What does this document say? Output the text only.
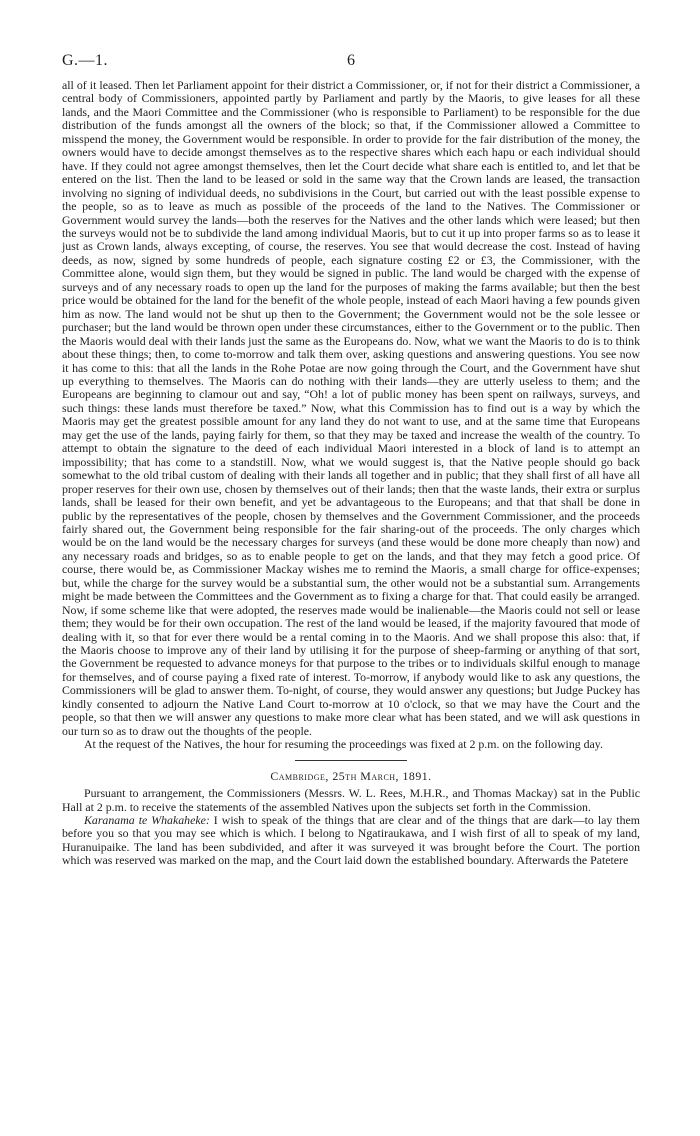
G.—1.	6

all of it leased. Then let Parliament appoint for their district a Commissioner, or, if not for their district a Commissioner, a central body of Commissioners, appointed partly by Parliament and partly by the Maoris, to give leases for all these lands, and the Maori Committee and the Commissioner (who is responsible to Parliament) to be responsible for the due distribution of the funds amongst all the owners of the block; so that, if the Commissioner allowed a Committee to misspend the money, the Government would be responsible. In order to provide for the fair distribution of the money, the owners would have to decide amongst themselves as to the respective shares which each hapu or each individual should have. If they could not agree amongst themselves, then let the Court decide what share each is entitled to, and let that be entered on the list. Then the land to be leased or sold in the same way that the Crown lands are leased, the transaction involving no signing of individual deeds, no subdivisions in the Court, but carried out with the least possible expense to the people, so as to leave as much as possible of the proceeds of the land to the Natives. The Commissioner or Government would survey the lands—both the reserves for the Natives and the other lands which were leased; but then the surveys would not be to subdivide the land among individual Maoris, but to cut it up into proper farms so as to lease it just as Crown lands, always excepting, of course, the reserves. You see that would decrease the cost. Instead of having deeds, as now, signed by some hundreds of people, each signature costing £2 or £3, the Commissioner, with the Committee alone, would sign them, but they would be signed in public. The land would be charged with the expense of surveys and of any necessary roads to open up the land for the purposes of making the farms available; but then the best price would be obtained for the land for the benefit of the whole people, instead of each Maori having a few pounds given him as now. The land would not be shut up then to the Government; the Government would not be the sole lessee or purchaser; but the land would be thrown open under these circumstances, either to the Government or to the public. Then the Maoris would deal with their lands just the same as the Europeans do. Now, what we want the Maoris to do is to think about these things; then, to come to-morrow and talk them over, asking questions and answering questions. You see now it has come to this: that all the lands in the Rohe Potae are now going through the Court, and the Government have shut up everything to themselves. The Maoris can do nothing with their lands—they are utterly useless to them; and the Europeans are beginning to clamour out and say, “Oh! a lot of public money has been spent on railways, surveys, and such things: these lands must therefore be taxed.” Now, what this Commission has to find out is a way by which the Maoris may get the greatest possible amount for any land they do not want to use, and at the same time that Europeans may get the use of the lands, paying fairly for them, so that they may be taxed and increase the wealth of the country. To attempt to obtain the signature to the deed of each individual Maori interested in a block of land is to attempt an impossibility; that has come to a standstill. Now, what we would suggest is, that the Native people should go back somewhat to the old tribal custom of dealing with their lands all together and in public; that they shall first of all have all proper reserves for their own use, chosen by themselves out of their lands; then that the waste lands, their extra or surplus lands, shall be leased for their own benefit, and yet be advantageous to the Europeans; and that that shall be done in public by the representatives of the people, chosen by themselves and the Government Commissioner, and the proceeds fairly shared out, the Government being responsible for the fair sharing-out of the proceeds. The only charges which would be on the land would be the necessary charges for surveys (and these would be done more cheaply than now) and any necessary roads and bridges, so as to enable people to get on the lands, and that they may fetch a good price. Of course, there would be, as Commissioner Mackay wishes me to remind the Maoris, a small charge for office-expenses; but, while the charge for the survey would be a substantial sum, the other would not be a substantial sum. Arrangements might be made between the Committees and the Government as to fixing a charge for that. That could easily be arranged. Now, if some scheme like that were adopted, the reserves made would be inalienable—the Maoris could not sell or lease them; they would be for their own occupation. The rest of the land would be leased, if the majority favoured that mode of dealing with it, so that for ever there would be a rental coming in to the Maoris. And we shall propose this also: that, if the Maoris choose to improve any of their land by utilising it for the purpose of sheep-farming or anything of that sort, the Government be requested to advance moneys for that purpose to the tribes or to individuals skilful enough to manage for themselves, and of course paying a fixed rate of interest. To-morrow, if anybody would like to ask any questions, the Commissioners will be glad to answer them. To-night, of course, they would answer any questions; but Judge Puckey has kindly consented to adjourn the Native Land Court to-morrow at 10 o'clock, so that we may have the Court and the people, so that then we will answer any questions to make more clear what has been stated, and we will ask questions in our turn so as to draw out the thoughts of the people.

At the request of the Natives, the hour for resuming the proceedings was fixed at 2 p.m. on the following day.

Cambridge, 25th March, 1891.

Pursuant to arrangement, the Commissioners (Messrs. W. L. Rees, M.H.R., and Thomas Mackay) sat in the Public Hall at 2 p.m. to receive the statements of the assembled Natives upon the subjects set forth in the Commission.

Karanama te Whakaheke: I wish to speak of the things that are clear and of the things that are dark—to lay them before you so that you may see which is which. I belong to Ngatiraukawa, and I wish first of all to speak of my land, Huranuipaike. The land has been subdivided, and after it was surveyed it was brought before the Court. The portion which was reserved was marked on the map, and the Court laid down the established boundary. Afterwards the Patetere
